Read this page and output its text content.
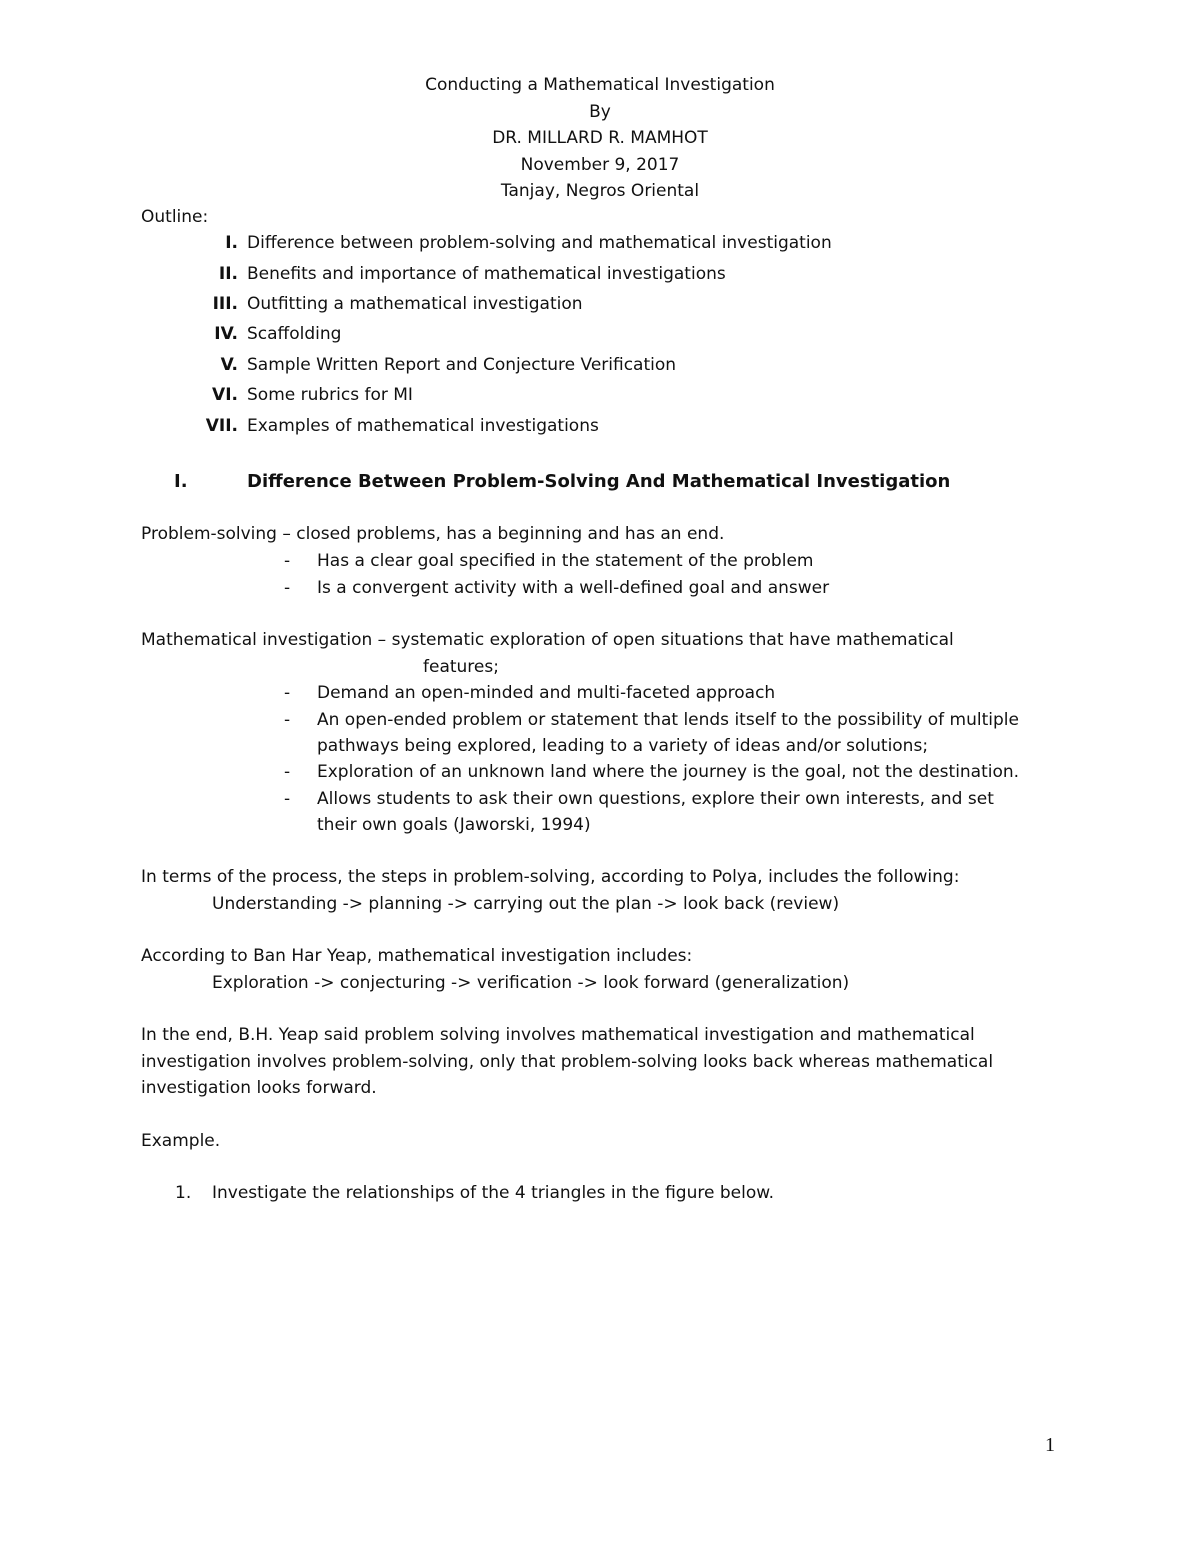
Conducting a Mathematical Investigation
By
DR. MILLARD R. MAMHOT
November 9, 2017
Tanjay, Negros Oriental
Outline:
I. Difference between problem-solving and mathematical investigation
II. Benefits and importance of mathematical investigations
III. Outfitting a mathematical investigation
IV. Scaffolding
V. Sample Written Report and Conjecture Verification
VI. Some rubrics for MI
VII. Examples of mathematical investigations
I.	Difference Between Problem-Solving And Mathematical Investigation
Problem-solving – closed problems, has a beginning and has an end.
- Has a clear goal specified in the statement of the problem
- Is a convergent activity with a well-defined goal and answer
Mathematical investigation – systematic exploration of open situations that have mathematical
features;
- Demand an open-minded and multi-faceted approach
- An open-ended problem or statement that lends itself to the possibility of multiple
pathways being explored, leading to a variety of ideas and/or solutions;
- Exploration of an unknown land where the journey is the goal, not the destination.
- Allows students to ask their own questions, explore their own interests, and set
their own goals (Jaworski, 1994)
In terms of the process, the steps in problem-solving, according to Polya, includes the following:
Understanding -> planning -> carrying out the plan -> look back (review)
According to Ban Har Yeap, mathematical investigation includes:
Exploration -> conjecturing -> verification -> look forward (generalization)
In the end, B.H. Yeap said problem solving involves mathematical investigation and mathematical
investigation involves problem-solving, only that problem-solving looks back whereas mathematical
investigation looks forward.
Example.
1. Investigate the relationships of the 4 triangles in the figure below.
1
